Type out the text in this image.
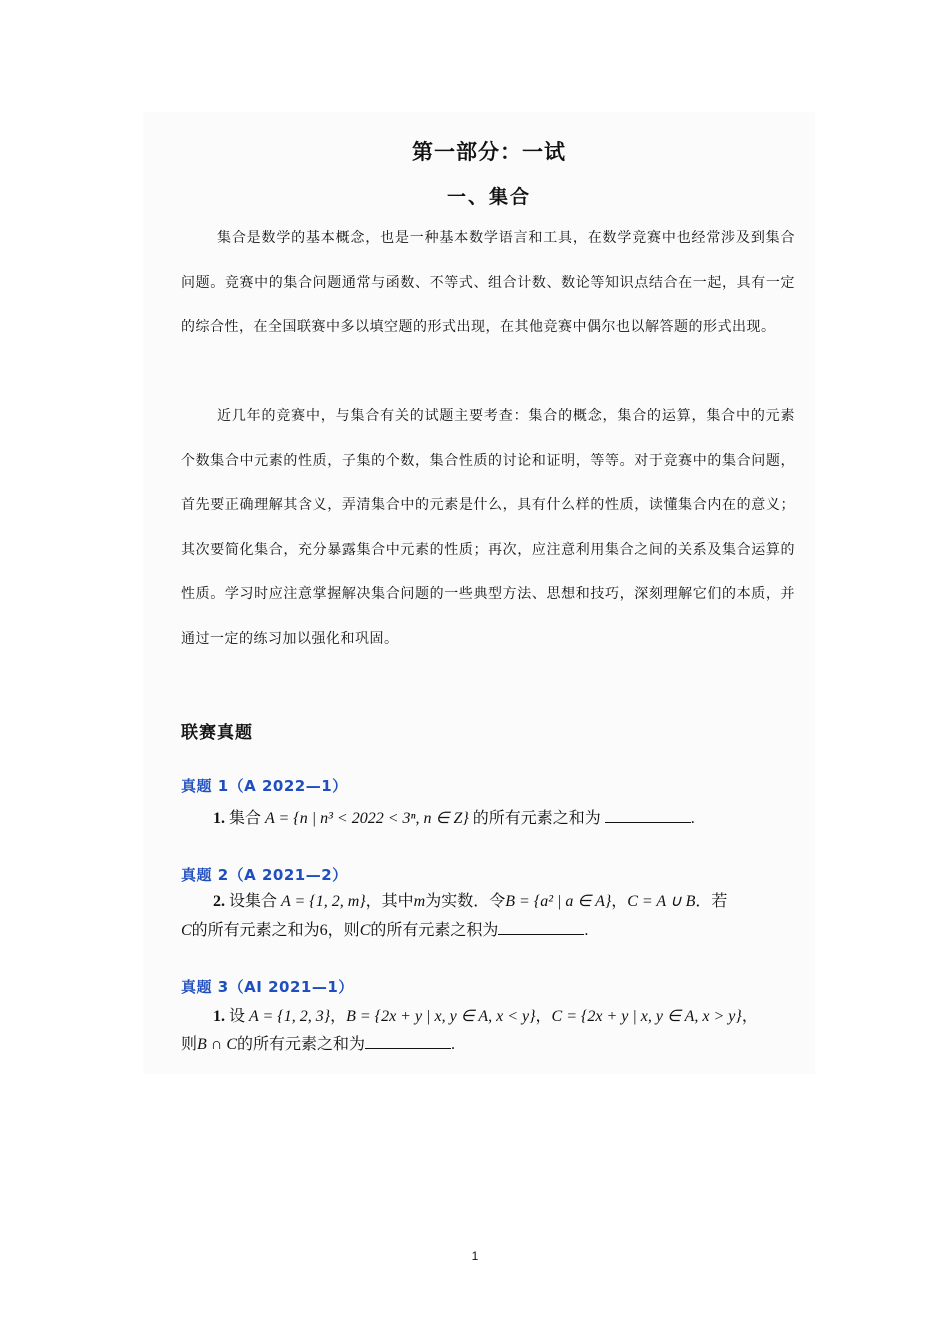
第一部分：一试
一、集合
集合是数学的基本概念，也是一种基本数学语言和工具，在数学竞赛中也经常涉及到集合问题。竞赛中的集合问题通常与函数、不等式、组合计数、数论等知识点结合在一起，具有一定的综合性，在全国联赛中多以填空题的形式出现，在其他竞赛中偶尔也以解答题的形式出现。
近几年的竞赛中，与集合有关的试题主要考查：集合的概念，集合的运算，集合中的元素个数集合中元素的性质，子集的个数，集合性质的讨论和证明，等等。对于竞赛中的集合问题，首先要正确理解其含义，弄清集合中的元素是什么，具有什么样的性质，读懂集合内在的意义；其次要简化集合，充分暴露集合中元素的性质；再次，应注意利用集合之间的关系及集合运算的性质。学习时应注意掌握解决集合问题的一些典型方法、思想和技巧，深刻理解它们的本质，并通过一定的练习加以强化和巩固。
联赛真题
真题 1（A 2022—1）
1. 集合 A = {n | n³ < 2022 < 3ⁿ, n ∈ Z} 的所有元素之和为	.
真题 2（A 2021—2）
2. 设集合 A = {1, 2, m}，其中m为实数．令B = {a² | a ∈ A}，C = A ∪ B．若
C的所有元素之和为6，则C的所有元素之积为	.
真题 3（AI 2021—1）
1. 设 A = {1, 2, 3}，B = {2x + y | x, y ∈ A, x < y}，C = {2x + y | x, y ∈ A, x > y}，
则B ∩ C的所有元素之和为	.
1
